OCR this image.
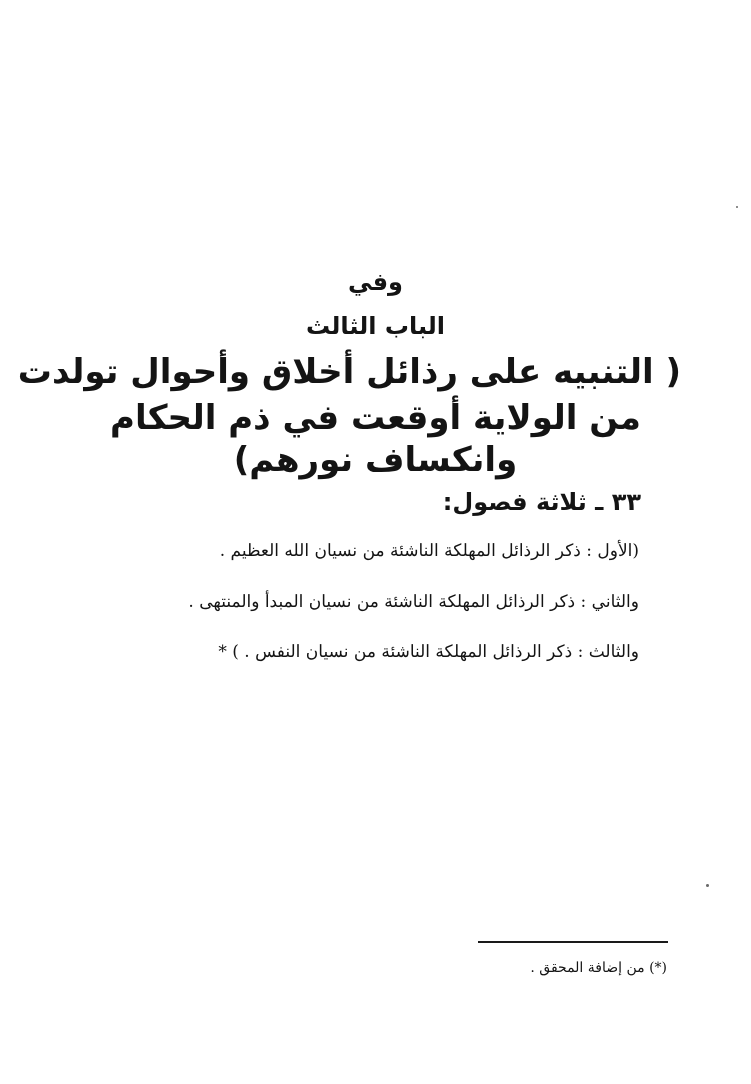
وفي
الباب الثالث
( التنبيه على رذائل أخلاق وأحوال تولدت
من الولاية أوقعت في ذم الحكام
وانكساف نورهم)
٣٣ ـ ثلاثة فصول:
(الأول : ذكر الرذائل المهلكة الناشئة من نسيان الله العظيم .
والثاني : ذكر الرذائل المهلكة الناشئة من نسيان المبدأ والمنتهى .
والثالث : ذكر الرذائل المهلكة الناشئة من نسيان النفس . ) *
(*) من إضافة المحقق .
